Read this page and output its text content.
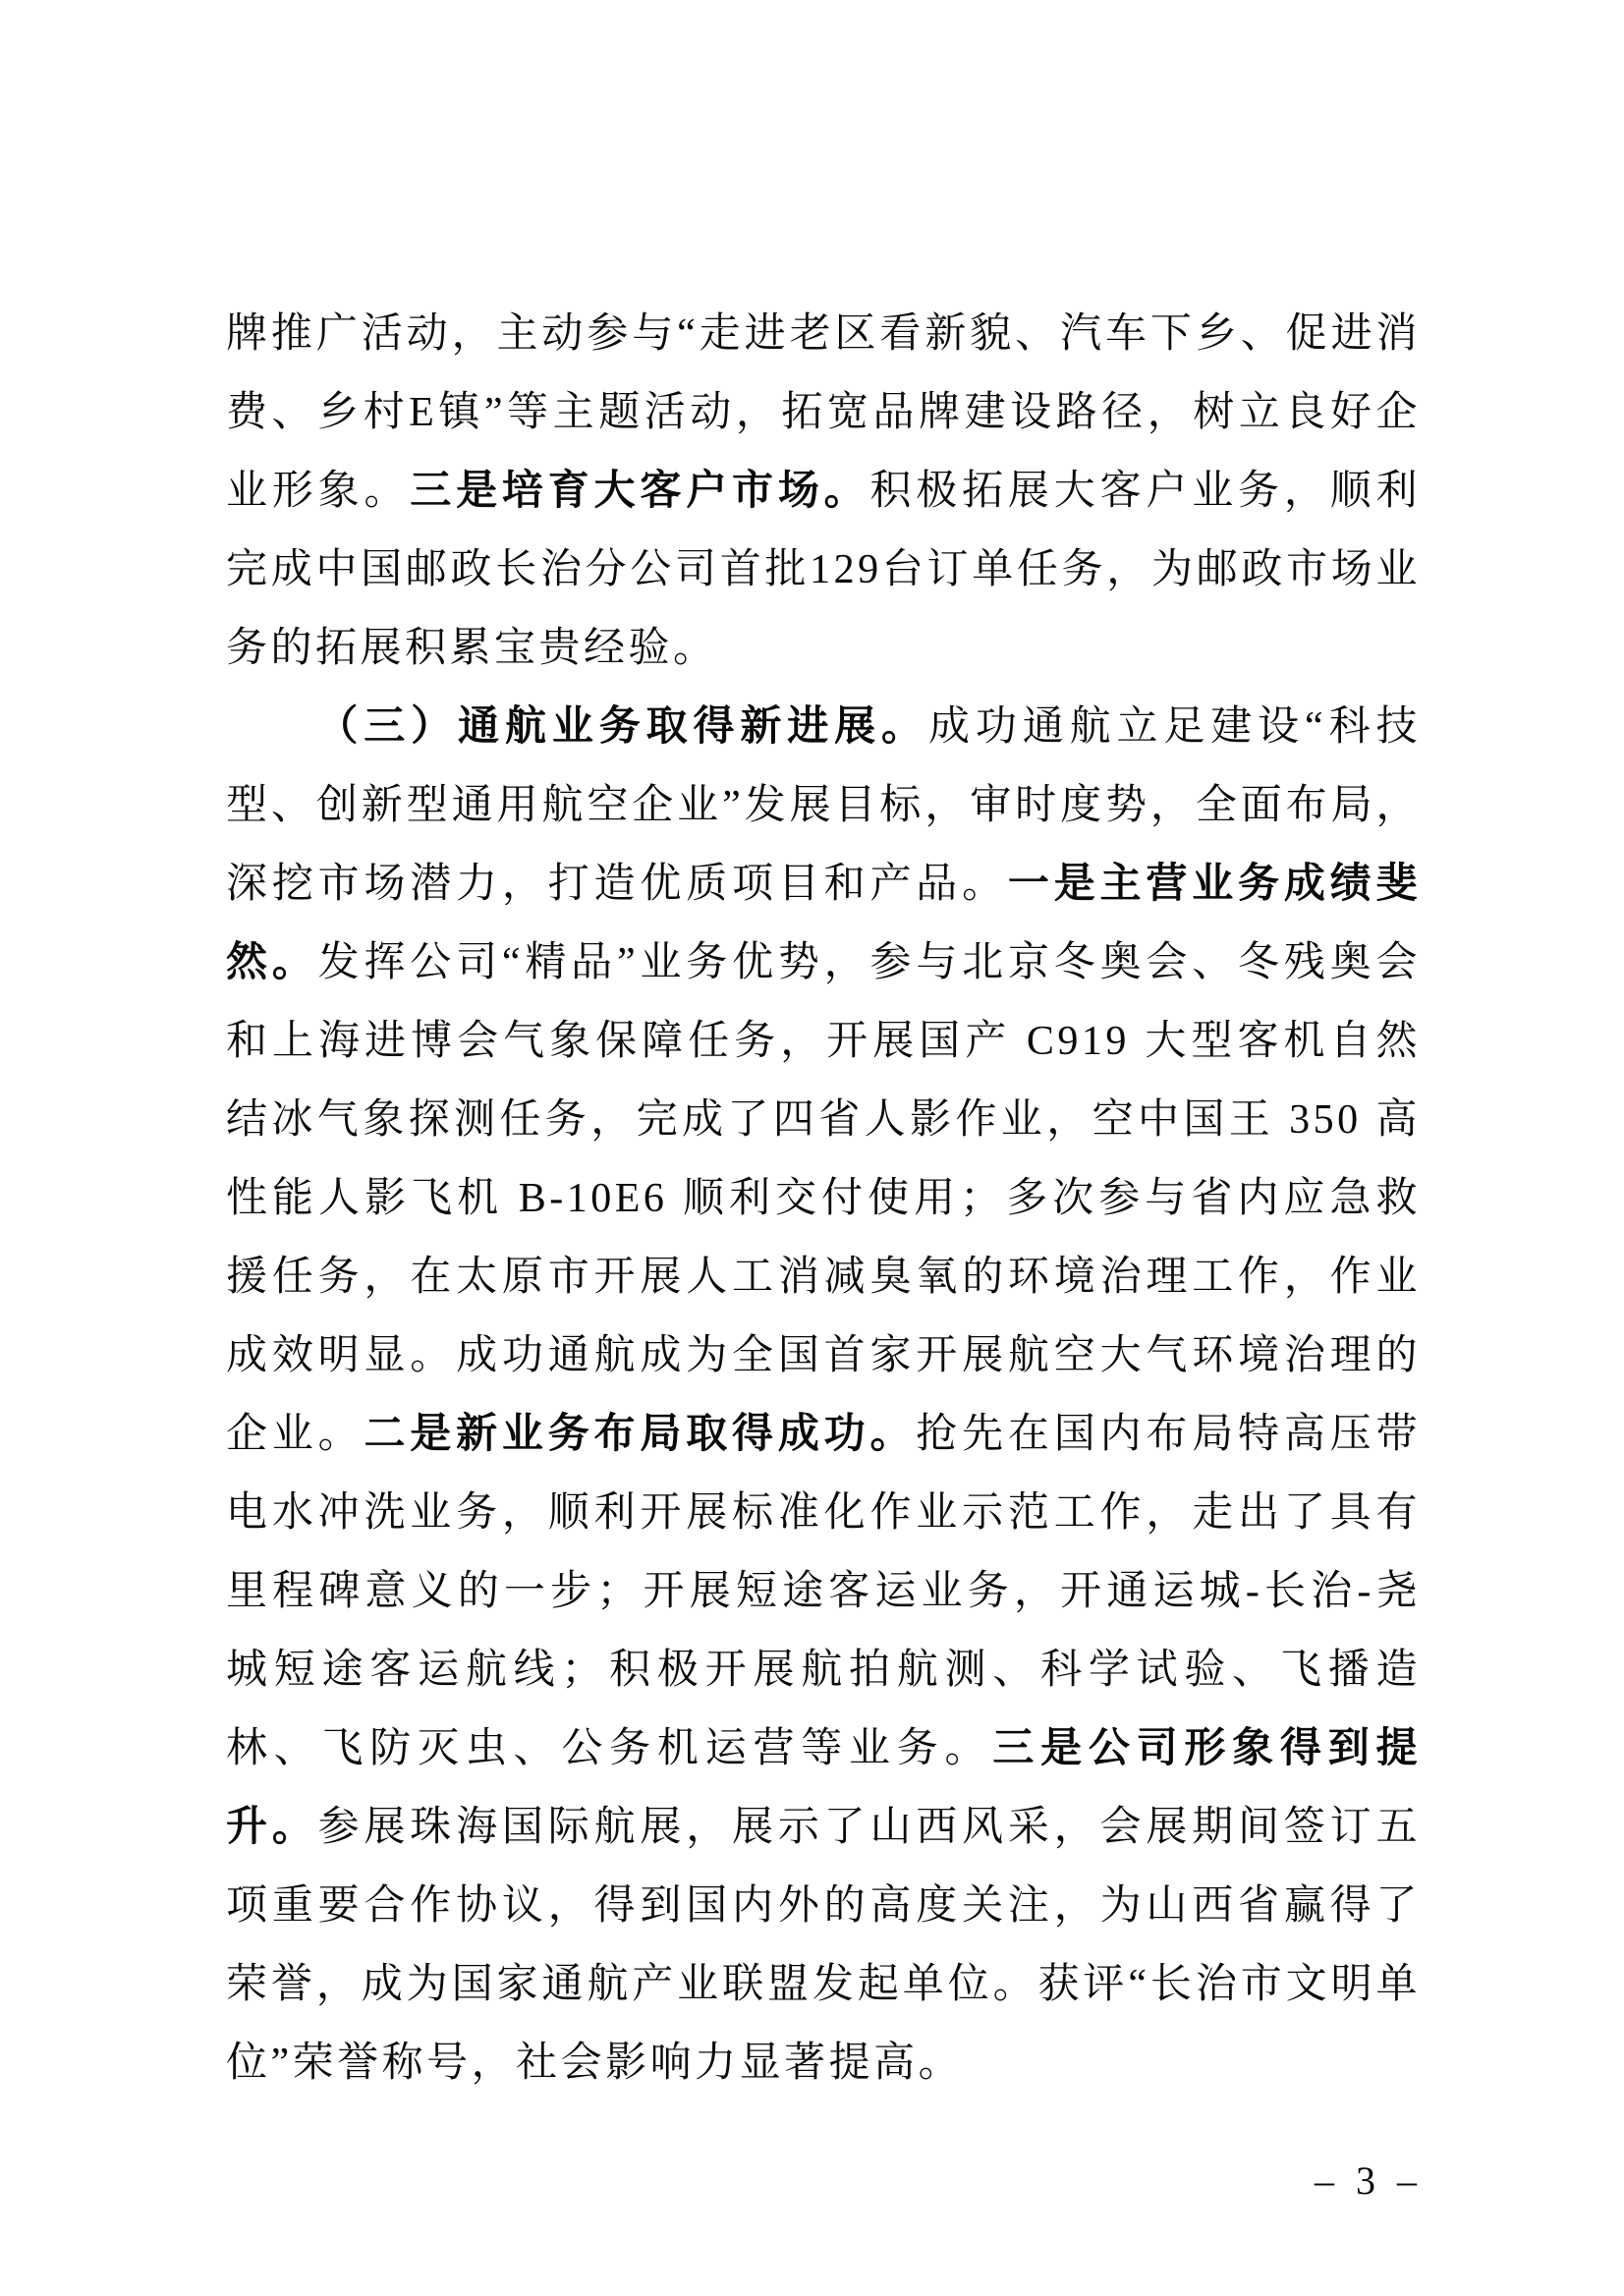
牌推广活动，主动参与“走进老区看新貌、汽车下乡、促进消费、乡村E镇”等主题活动，拓宽品牌建设路径，树立良好企业形象。三是培育大客户市场。积极拓展大客户业务，顺利完成中国邮政长治分公司首批129台订单任务，为邮政市场业务的拓展积累宝贵经验。

（三）通航业务取得新进展。成功通航立足建设“科技型、创新型通用航空企业”发展目标，审时度势，全面布局，深挖市场潜力，打造优质项目和产品。一是主营业务成绩斐然。发挥公司“精品”业务优势，参与北京冬奥会、冬残奥会和上海进博会气象保障任务，开展国产 C919 大型客机自然结冰气象探测任务，完成了四省人影作业，空中国王 350 高性能人影飞机 B-10E6 顺利交付使用；多次参与省内应急救援任务，在太原市开展人工消减臭氧的环境治理工作，作业成效明显。成功通航成为全国首家开展航空大气环境治理的企业。二是新业务布局取得成功。抢先在国内布局特高压带电水冲洗业务，顺利开展标准化作业示范工作，走出了具有里程碑意义的一步；开展短途客运业务，开通运城-长治-尧城短途客运航线；积极开展航拍航测、科学试验、飞播造林、飞防灭虫、公务机运营等业务。三是公司形象得到提升。参展珠海国际航展，展示了山西风采，会展期间签订五项重要合作协议，得到国内外的高度关注，为山西省赢得了荣誉，成为国家通航产业联盟发起单位。获评“长治市文明单位”荣誉称号，社会影响力显著提高。

– 3 –
